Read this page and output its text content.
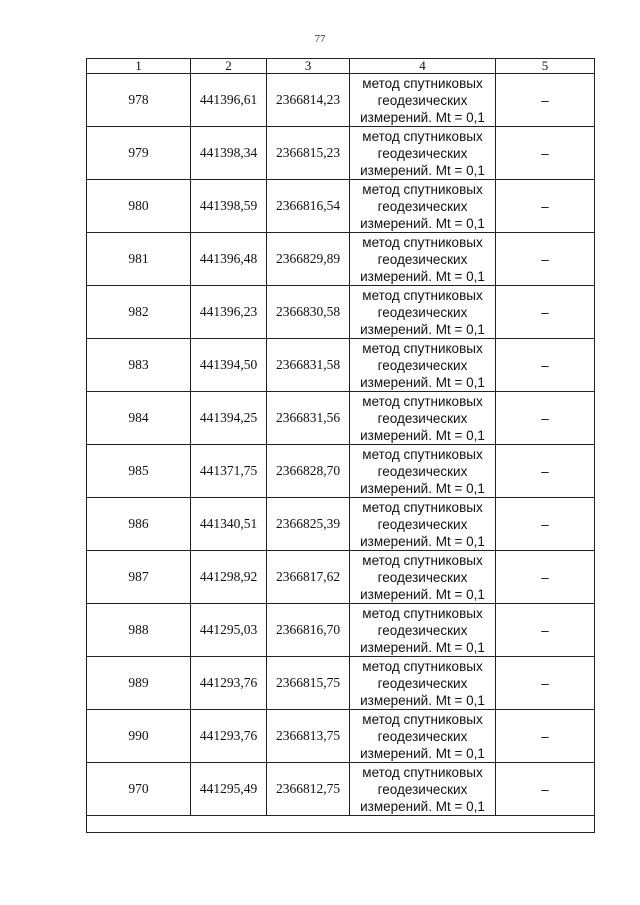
77
1	2	3	4	5
978	441396,61	2366814,23	метод спутниковых
геодезических
измерений. Mt = 0,1	–
979	441398,34	2366815,23	метод спутниковых
геодезических
измерений. Mt = 0,1	–
980	441398,59	2366816,54	метод спутниковых
геодезических
измерений. Mt = 0,1	–
981	441396,48	2366829,89	метод спутниковых
геодезических
измерений. Mt = 0,1	–
982	441396,23	2366830,58	метод спутниковых
геодезических
измерений. Mt = 0,1	–
983	441394,50	2366831,58	метод спутниковых
геодезических
измерений. Mt = 0,1	–
984	441394,25	2366831,56	метод спутниковых
геодезических
измерений. Mt = 0,1	–
985	441371,75	2366828,70	метод спутниковых
геодезических
измерений. Mt = 0,1	–
986	441340,51	2366825,39	метод спутниковых
геодезических
измерений. Mt = 0,1	–
987	441298,92	2366817,62	метод спутниковых
геодезических
измерений. Mt = 0,1	–
988	441295,03	2366816,70	метод спутниковых
геодезических
измерений. Mt = 0,1	–
989	441293,76	2366815,75	метод спутниковых
геодезических
измерений. Mt = 0,1	–
990	441293,76	2366813,75	метод спутниковых
геодезических
измерений. Mt = 0,1	–
970	441295,49	2366812,75	метод спутниковых
геодезических
измерений. Mt = 0,1	–
